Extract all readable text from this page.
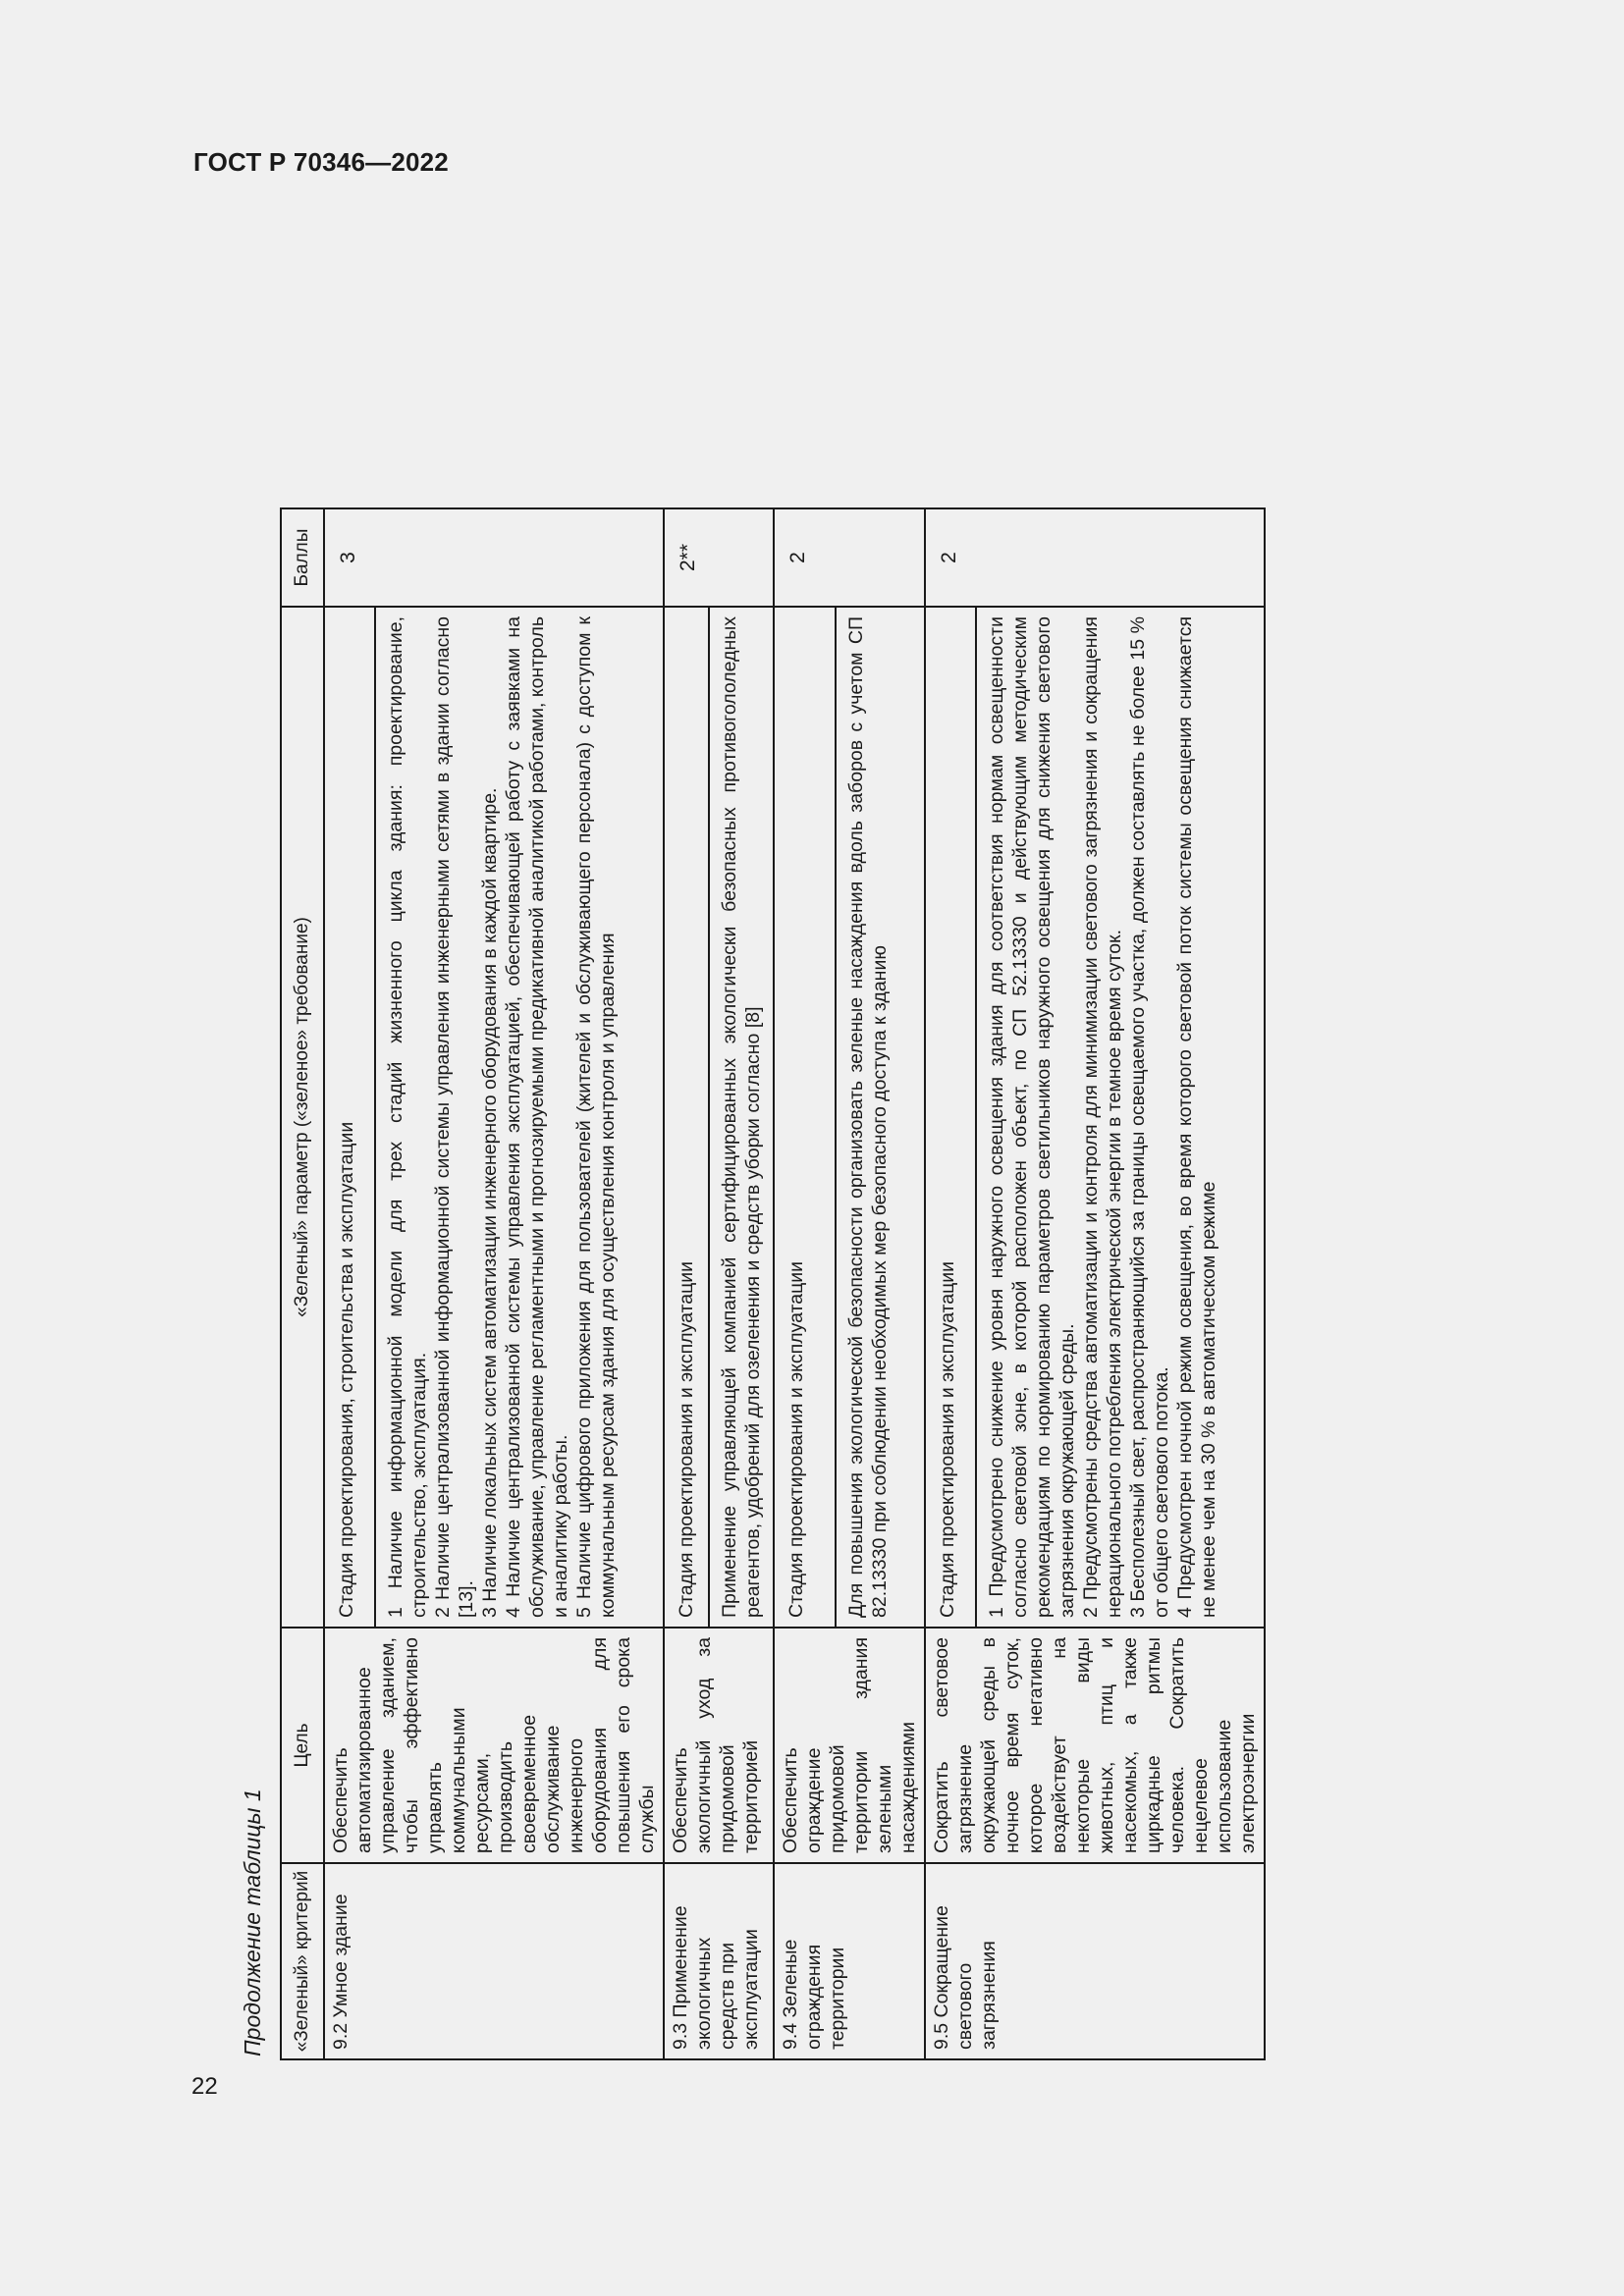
ГОСТ Р 70346—2022
Продолжение таблицы 1	«Зеленый» критерий	Цель	«Зеленый» параметр («зеленое» требование)	Баллы
9.2 Умное здание	Обеспечить автоматизированное управление зданием, чтобы эффективно управлять коммунальными ресурсами, производить своевременное обслуживание инженерного оборудования для повышения его срока службы	Стадия проектирования, строительства и эксплуатации	3

		1 Наличие информационной модели для трех стадий жизненного цикла здания: проектирование, строительство, эксплуатация. 2 Наличие централизованной информационной системы управления инженерными сетями в здании согласно [13]. 3 Наличие локальных систем автоматизации инженерного оборудования в каждой квартире. 4 Наличие централизованной системы управления эксплуатацией, обеспечивающей работу с заявками на обслуживание, управление регламентными и прогнозируемыми предикативной аналитикой работами, контроль и аналитику работы. 5 Наличие цифрового приложения для пользователей (жителей и обслуживающего персонала) с доступом к коммунальным ресурсам здания для осуществления контроля и управления	

9.3 Применение экологичных средств при эксплуатации	Обеспечить экологичный уход за придомовой территорией	Стадия проектирования и эксплуатации	2**

		Применение управляющей компанией сертифицированных экологически безопасных противогололедных реагентов, удобрений для озеленения и средств уборки согласно [8]	

9.4 Зеленые ограждения территории	Обеспечить ограждение придомовой территории здания зелеными насаждениями	Стадия проектирования и эксплуатации	2

		Для повышения экологической безопасности организовать зеленые насаждения вдоль заборов с учетом СП 82.13330 при соблюдении необходимых мер безопасного доступа к зданию	

9.5 Сокращение светового загрязнения	Сократить световое загрязнение окружающей среды в ночное время суток, которое негативно воздействует на некоторые виды животных, птиц и насекомых, а также циркадные ритмы человека. Сократить нецелевое использование электроэнергии	Стадия проектирования и эксплуатации	2

		1 Предусмотрено снижение уровня наружного освещения здания для соответствия нормам освещенности согласно световой зоне, в которой расположен объект, по СП 52.13330 и действующим методическим рекомендациям по нормированию параметров светильников наружного освещения для снижения светового загрязнения окружающей среды. 2 Предусмотрены средства автоматизации и контроля для минимизации светового загрязнения и сокращения нерационального потребления электрической энергии в темное время суток. 3 Бесполезный свет, распространяющийся за границы освещаемого участка, должен составлять не более 15 % от общего светового потока. 4 Предусмотрен ночной режим освещения, во время которого световой поток системы освещения снижается не менее чем на 30 % в автоматическом режиме	

22
